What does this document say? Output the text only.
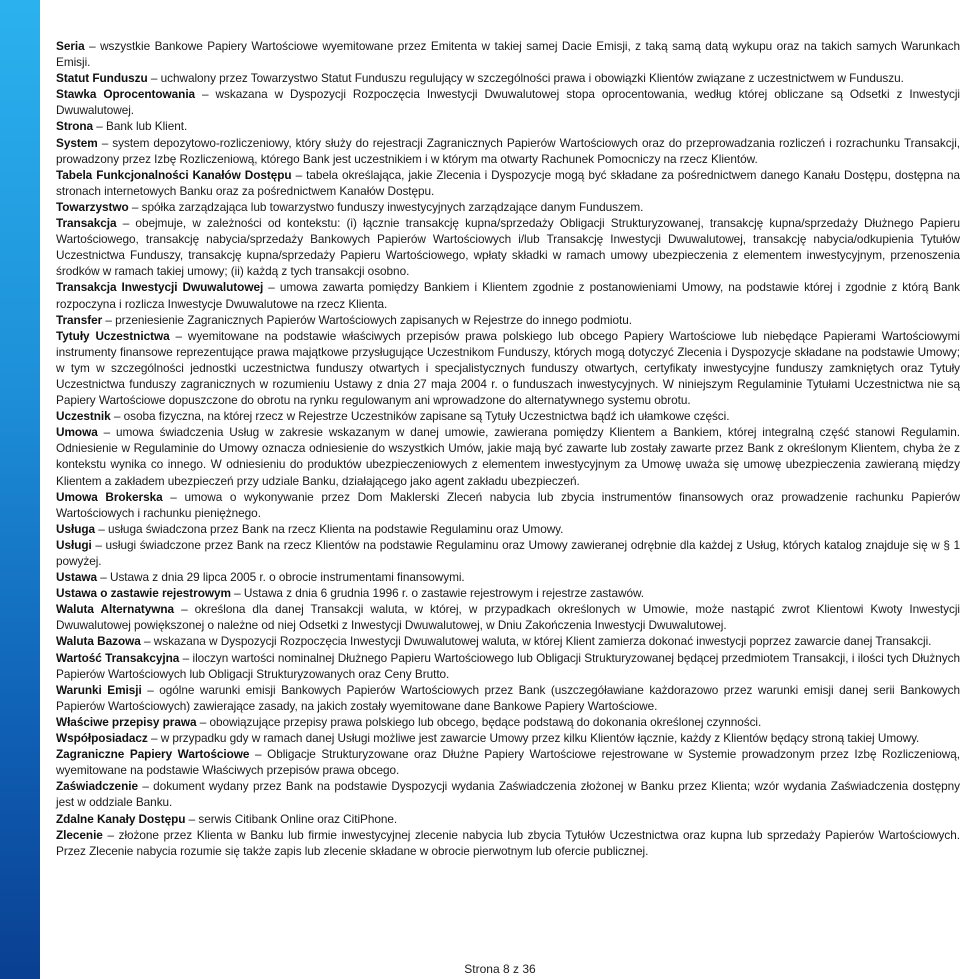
Seria – wszystkie Bankowe Papiery Wartościowe wyemitowane przez Emitenta w takiej samej Dacie Emisji, z taką samą datą wykupu oraz na takich samych Warunkach Emisji.

Statut Funduszu – uchwalony przez Towarzystwo Statut Funduszu regulujący w szczególności prawa i obowiązki Klientów związane z uczestnictwem w Funduszu.

Stawka Oprocentowania – wskazana w Dyspozycji Rozpoczęcia Inwestycji Dwuwalutowej stopa oprocentowania, według której obliczane są Odsetki z Inwestycji Dwuwalutowej.

Strona – Bank lub Klient.

System – system depozytowo-rozliczeniowy, który służy do rejestracji Zagranicznych Papierów Wartościowych oraz do przeprowadzania rozliczeń i rozrachunku Transakcji, prowadzony przez Izbę Rozliczeniową, którego Bank jest uczestnikiem i w którym ma otwarty Rachunek Pomocniczy na rzecz Klientów.

Tabela Funkcjonalności Kanałów Dostępu – tabela określająca, jakie Zlecenia i Dyspozycje mogą być składane za pośrednictwem danego Kanału Dostępu, dostępna na stronach internetowych Banku oraz za pośrednictwem Kanałów Dostępu.

Towarzystwo – spółka zarządzająca lub towarzystwo funduszy inwestycyjnych zarządzające danym Funduszem.

Transakcja – obejmuje, w zależności od kontekstu: (i) łącznie transakcję kupna/sprzedaży Obligacji Strukturyzowanej, transakcję kupna/sprzedaży Dłużnego Papieru Wartościowego, transakcję nabycia/sprzedaży Bankowych Papierów Wartościowych i/lub Transakcję Inwestycji Dwuwalutowej, transakcję nabycia/odkupienia Tytułów Uczestnictwa Funduszy, transakcję kupna/sprzedaży Papieru Wartościowego, wpłaty składki w ramach umowy ubezpieczenia z elementem inwestycyjnym, przenoszenia środków w ramach takiej umowy; (ii) każdą z tych transakcji osobno.

Transakcja Inwestycji Dwuwalutowej – umowa zawarta pomiędzy Bankiem i Klientem zgodnie z postanowieniami Umowy, na podstawie której i zgodnie z którą Bank rozpoczyna i rozlicza Inwestycje Dwuwalutowe na rzecz Klienta.

Transfer – przeniesienie Zagranicznych Papierów Wartościowych zapisanych w Rejestrze do innego podmiotu.

Tytuły Uczestnictwa – wyemitowane na podstawie właściwych przepisów prawa polskiego lub obcego Papiery Wartościowe lub niebędące Papierami Wartościowymi instrumenty finansowe reprezentujące prawa majątkowe przysługujące Uczestnikom Funduszy, których mogą dotyczyć Zlecenia i Dyspozycje składane na podstawie Umowy; w tym w szczególności jednostki uczestnictwa funduszy otwartych i specjalistycznych funduszy otwartych, certyfikaty inwestycyjne funduszy zamkniętych oraz Tytuły Uczestnictwa funduszy zagranicznych w rozumieniu Ustawy z dnia 27 maja 2004 r. o funduszach inwestycyjnych. W niniejszym Regulaminie Tytułami Uczestnictwa nie są Papiery Wartościowe dopuszczone do obrotu na rynku regulowanym ani wprowadzone do alternatywnego systemu obrotu.

Uczestnik – osoba fizyczna, na której rzecz w Rejestrze Uczestników zapisane są Tytuły Uczestnictwa bądź ich ułamkowe części.

Umowa – umowa świadczenia Usług w zakresie wskazanym w danej umowie, zawierana pomiędzy Klientem a Bankiem, której integralną część stanowi Regulamin. Odniesienie w Regulaminie do Umowy oznacza odniesienie do wszystkich Umów, jakie mają być zawarte lub zostały zawarte przez Bank z określonym Klientem, chyba że z kontekstu wynika co innego. W odniesieniu do produktów ubezpieczeniowych z elementem inwestycyjnym za Umowę uważa się umowę ubezpieczenia zawieraną między Klientem a zakładem ubezpieczeń przy udziale Banku, działającego jako agent zakładu ubezpieczeń.

Umowa Brokerska – umowa o wykonywanie przez Dom Maklerski Zleceń nabycia lub zbycia instrumentów finansowych oraz prowadzenie rachunku Papierów Wartościowych i rachunku pieniężnego.

Usługa – usługa świadczona przez Bank na rzecz Klienta na podstawie Regulaminu oraz Umowy.

Usługi – usługi świadczone przez Bank na rzecz Klientów na podstawie Regulaminu oraz Umowy zawieranej odrębnie dla każdej z Usług, których katalog znajduje się w § 1 powyżej.

Ustawa – Ustawa z dnia 29 lipca 2005 r. o obrocie instrumentami finansowymi.

Ustawa o zastawie rejestrowym – Ustawa z dnia 6 grudnia 1996 r. o zastawie rejestrowym i rejestrze zastawów.

Waluta Alternatywna – określona dla danej Transakcji waluta, w której, w przypadkach określonych w Umowie, może nastąpić zwrot Klientowi Kwoty Inwestycji Dwuwalutowej powiększonej o należne od niej Odsetki z Inwestycji Dwuwalutowej, w Dniu Zakończenia Inwestycji Dwuwalutowej.

Waluta Bazowa – wskazana w Dyspozycji Rozpoczęcia Inwestycji Dwuwalutowej waluta, w której Klient zamierza dokonać inwestycji poprzez zawarcie danej Transakcji.

Wartość Transakcyjna – iloczyn wartości nominalnej Dłużnego Papieru Wartościowego lub Obligacji Strukturyzowanej będącej przedmiotem Transakcji, i ilości tych Dłużnych Papierów Wartościowych lub Obligacji Strukturyzowanych oraz Ceny Brutto.

Warunki Emisji – ogólne warunki emisji Bankowych Papierów Wartościowych przez Bank (uszczegóławiane każdorazowo przez warunki emisji danej serii Bankowych Papierów Wartościowych) zawierające zasady, na jakich zostały wyemitowane dane Bankowe Papiery Wartościowe.

Właściwe przepisy prawa – obowiązujące przepisy prawa polskiego lub obcego, będące podstawą do dokonania określonej czynności.

Współposiadacz – w przypadku gdy w ramach danej Usługi możliwe jest zawarcie Umowy przez kilku Klientów łącznie, każdy z Klientów będący stroną takiej Umowy.

Zagraniczne Papiery Wartościowe – Obligacje Strukturyzowane oraz Dłużne Papiery Wartościowe rejestrowane w Systemie prowadzonym przez Izbę Rozliczeniową, wyemitowane na podstawie Właściwych przepisów prawa obcego.

Zaświadczenie – dokument wydany przez Bank na podstawie Dyspozycji wydania Zaświadczenia złożonej w Banku przez Klienta; wzór wydania Zaświadczenia dostępny jest w oddziale Banku.

Zdalne Kanały Dostępu – serwis Citibank Online oraz CitiPhone.

Zlecenie – złożone przez Klienta w Banku lub firmie inwestycyjnej zlecenie nabycia lub zbycia Tytułów Uczestnictwa oraz kupna lub sprzedaży Papierów Wartościowych. Przez Zlecenie nabycia rozumie się także zapis lub zlecenie składane w obrocie pierwotnym lub ofercie publicznej.

Strona 8 z 36
